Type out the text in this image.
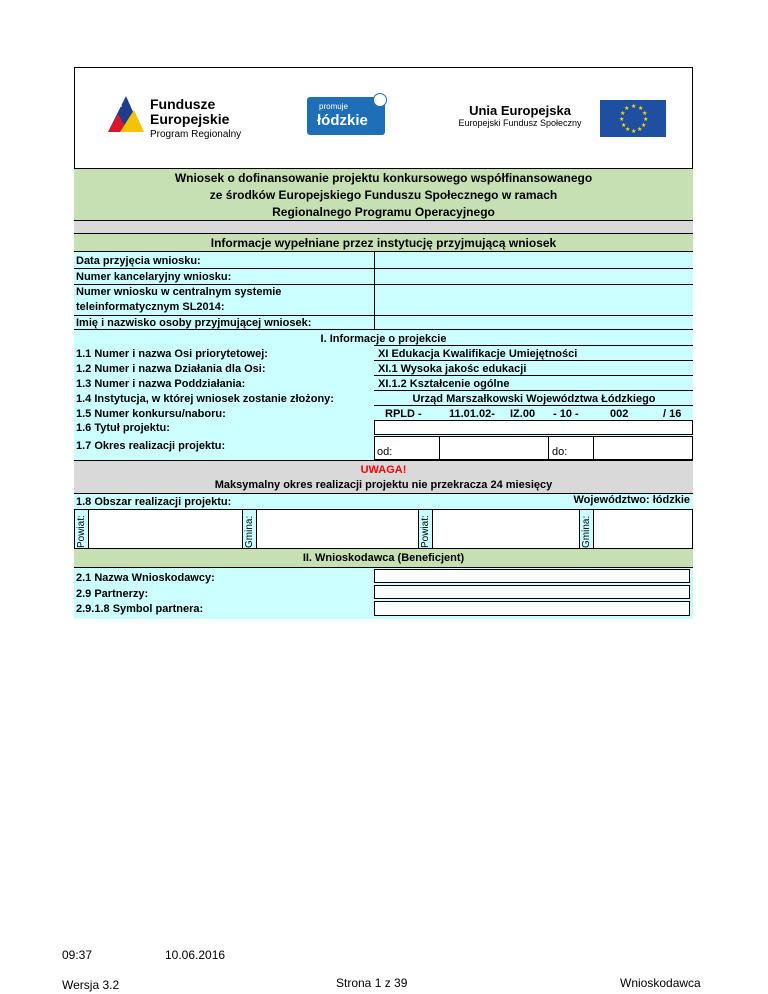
Fundusze
Europejskie
Program Regionalny
promuje
łódzkie
Unia Europejska
Europejski Fundusz Społeczny
★ ★
★
★
★
★
★
★
★
★
★
★
Wniosek o dofinansowanie projektu konkursowego współfinansowanego
ze środków Europejskiego Funduszu Społecznego w ramach
Regionalnego Programu Operacyjnego
Informacje wypełniane przez instytucję przyjmującą wniosek
Data przyjęcia wniosku:
Numer kancelaryjny wniosku:
Numer wniosku w centralnym systemie
teleinformatycznym SL2014:
Imię i nazwisko osoby przyjmującej wniosek:
I. Informacje o projekcie
1.1 Numer i nazwa Osi priorytetowej:	XI Edukacja Kwalifikacje Umiejętności
1.2 Numer i nazwa Działania dla Osi:	XI.1 Wysoka jakośc edukacji
1.3 Numer i nazwa Poddziałania:	XI.1.2 Kształcenie ogólne
1.4 Instytucja, w której wniosek zostanie złożony:	Urząd Marszałkowski Województwa Łódzkiego
1.5 Numer konkursu/naboru:	RPLD - 11.01.02- IZ.00 - 10 -	002	/ 16
1.6 Tytuł projektu:
1.7 Okres realizacji projektu:	od:	do:
UWAGA!
Maksymalny okres realizacji projektu nie przekracza 24 miesięcy
1.8 Obszar realizacji projektu:	Województwo: łódzkie
Powiat:	Gmina:	Powiat:	Gmina:
II. Wnioskodawca (Beneficjent)
2.1 Nazwa Wnioskodawcy:
2.9 Partnerzy:
2.9.1.8 Symbol partnera:
09:37	10.06.2016
Wersja 3.2	Strona 1 z 39	Wnioskodawca
